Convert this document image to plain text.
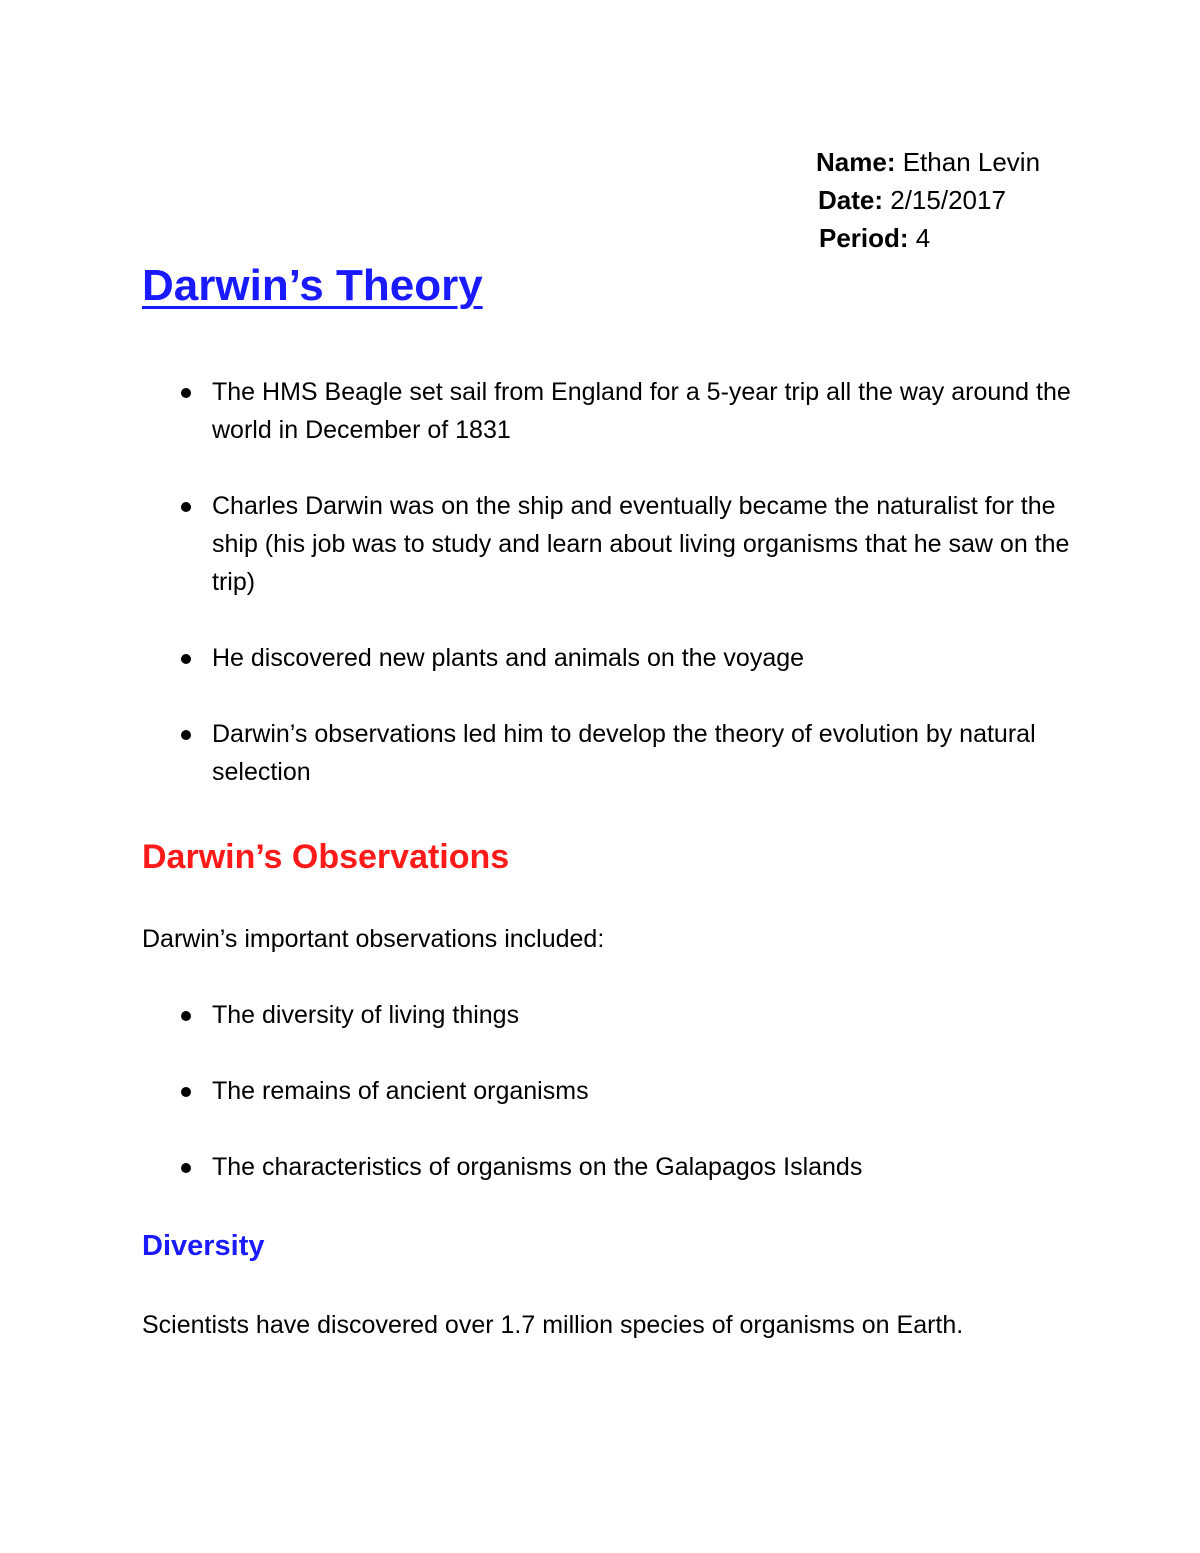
Name: Ethan Levin
Date: 2/15/2017
Period: 4
Darwin’s Theory
The HMS Beagle set sail from England for a 5-year trip all the way around the world in December of 1831
Charles Darwin was on the ship and eventually became the naturalist for the ship (his job was to study and learn about living organisms that he saw on the trip)
He discovered new plants and animals on the voyage
Darwin’s observations led him to develop the theory of evolution by natural selection
Darwin’s Observations

Darwin’s important observations included:

The diversity of living things
The remains of ancient organisms
The characteristics of organisms on the Galapagos Islands
Diversity

Scientists have discovered over 1.7 million species of organisms on Earth.
